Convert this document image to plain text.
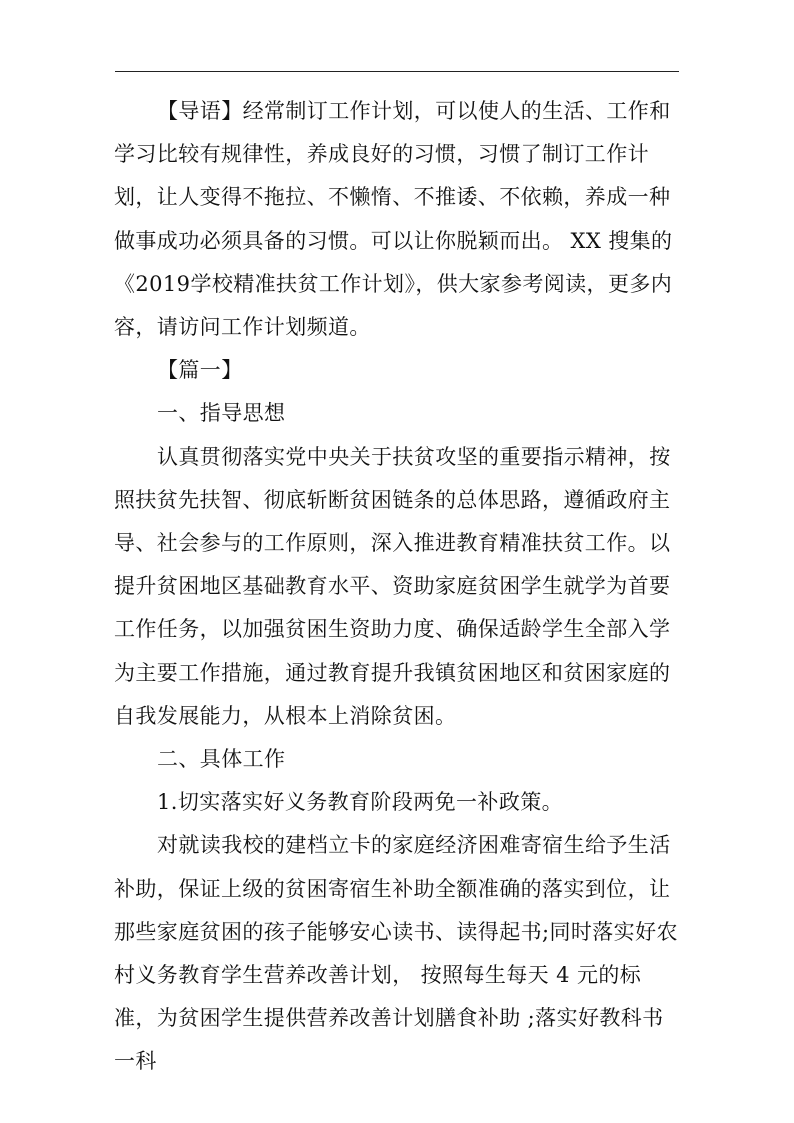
【导语】经常制订工作计划，可以使人的生活、工作和学习比较有规律性，养成良好的习惯，习惯了制订工作计划，让人变得不拖拉、不懒惰、不推诿、不依赖，养成一种做事成功必须具备的习惯。可以让你脱颖而出。 XX 搜集的《2019学校精准扶贫工作计划》，供大家参考阅读，更多内容，请访问工作计划频道。

【篇一】

一、指导思想

认真贯彻落实党中央关于扶贫攻坚的重要指示精神，按照扶贫先扶智、彻底斩断贫困链条的总体思路，遵循政府主导、社会参与的工作原则，深入推进教育精准扶贫工作。以提升贫困地区基础教育水平、资助家庭贫困学生就学为首要工作任务，以加强贫困生资助力度、确保适龄学生全部入学为主要工作措施，通过教育提升我镇贫困地区和贫困家庭的自我发展能力，从根本上消除贫困。

二、具体工作

1.切实落实好义务教育阶段两免一补政策。

对就读我校的建档立卡的家庭经济困难寄宿生给予生活补助，保证上级的贫困寄宿生补助全额准确的落实到位，让那些家庭贫困的孩子能够安心读书、读得起书;同时落实好农村义务教育学生营养改善计划， 按照每生每天 4 元的标准，为贫困学生提供营养改善计划膳食补助 ;落实好教科书一科
